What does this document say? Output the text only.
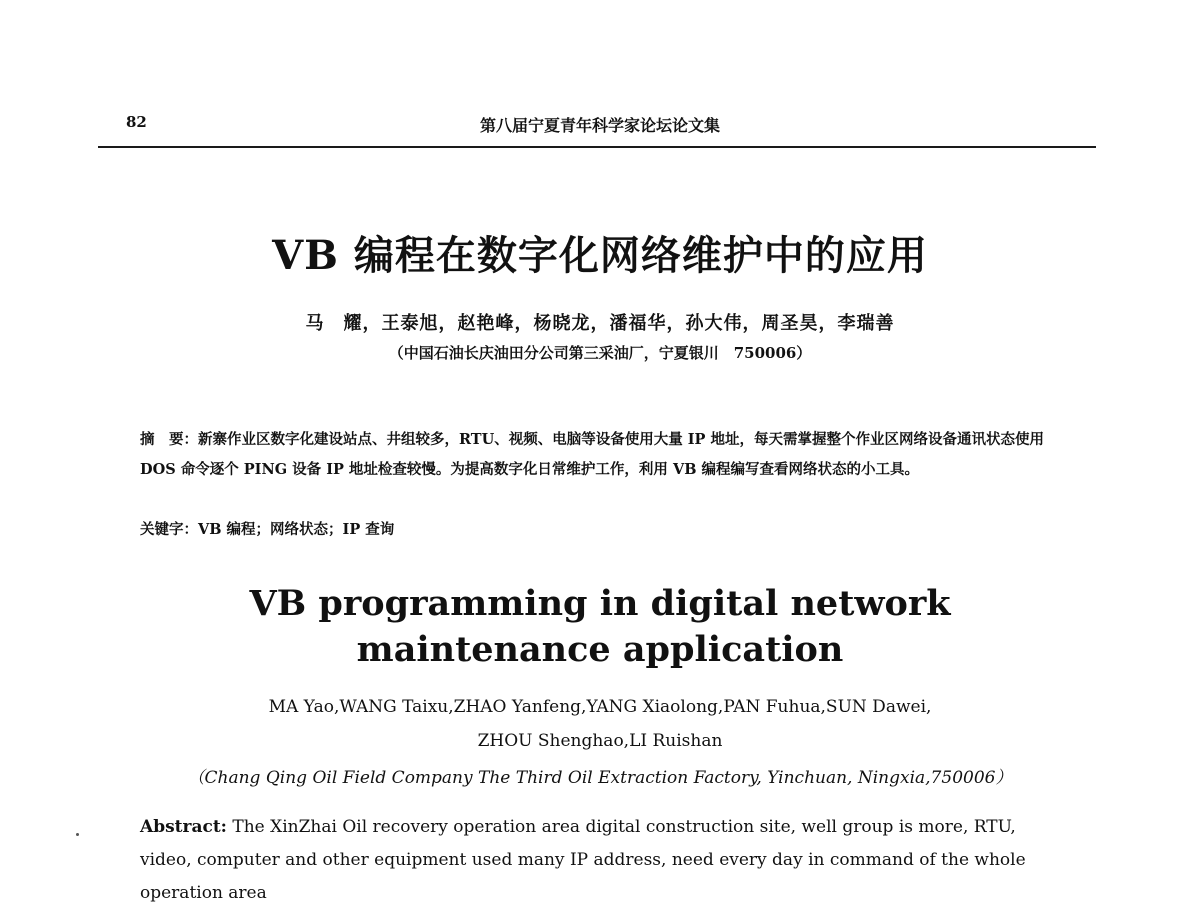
82	第八届宁夏青年科学家论坛论文集
VB 编程在数字化网络维护中的应用
马　耀，王泰旭，赵艳峰，杨晓龙，潘福华，孙大伟，周圣昊，李瑞善
（中国石油长庆油田分公司第三采油厂，宁夏银川　750006）
摘　要：新寨作业区数字化建设站点、井组较多，RTU、视频、电脑等设备使用大量 IP 地址，每天需掌握整个作业区网络设备通讯状态使用 DOS 命令逐个 PING 设备 IP 地址检查较慢。为提高数字化日常维护工作，利用 VB 编程编写查看网络状态的小工具。
关键字：VB 编程；网络状态；IP 查询
VB programming in digital network maintenance application
MA Yao,WANG Taixu,ZHAO Yanfeng,YANG Xiaolong,PAN Fuhua,SUN Dawei,
ZHOU Shenghao,LI Ruishan
（Chang Qing Oil Field Company The Third Oil Extraction Factory, Yinchuan, Ningxia,750006）
Abstract: The XinZhai Oil recovery operation area digital construction site, well group is more, RTU, video, computer and other equipment used many IP address, need every day in command of the whole operation area
